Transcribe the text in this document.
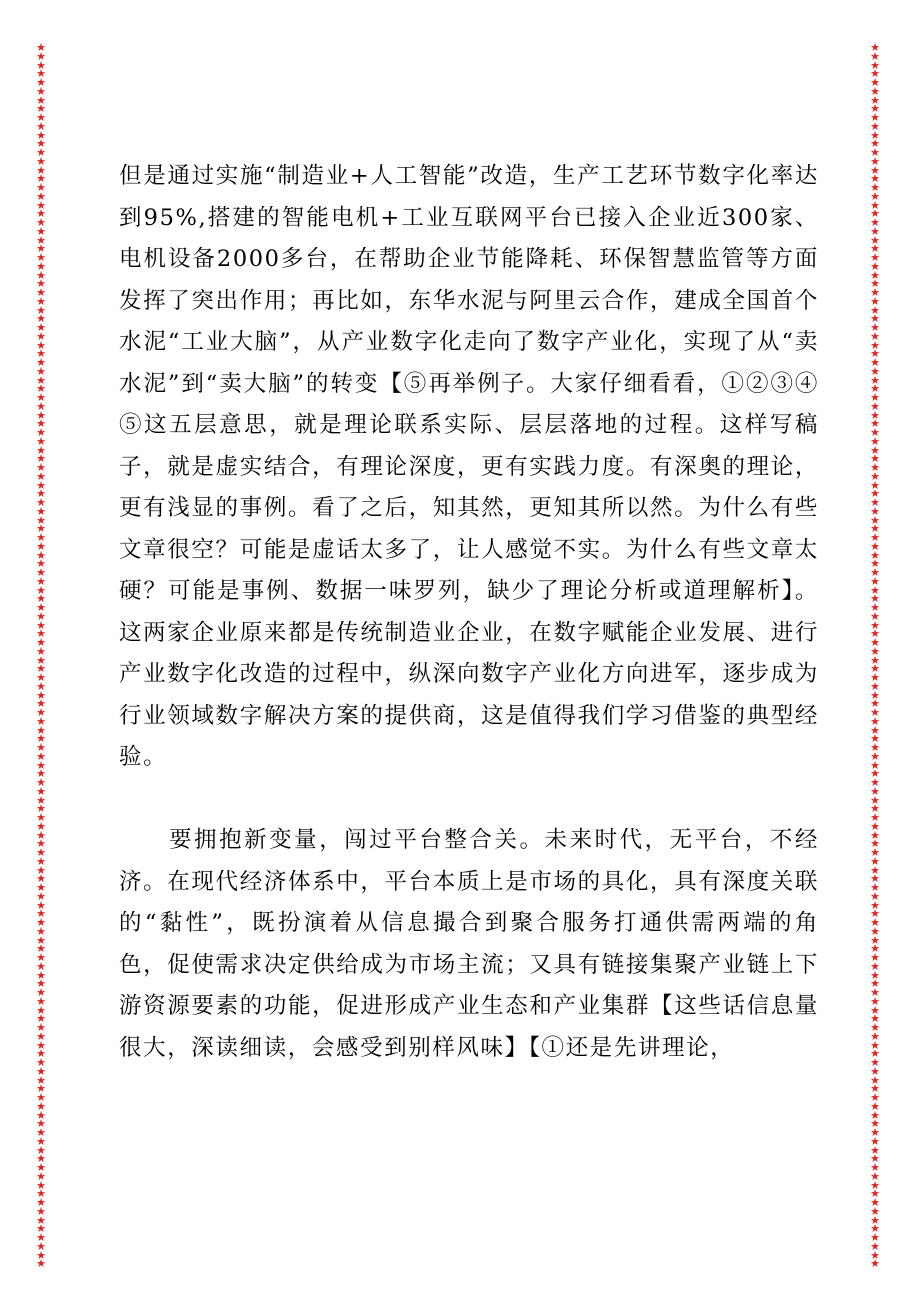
★
★
★
★
★
★
★
★
★
★
★
★
★
★
★
★
★
★
★
★
★
★
★
★
★
★
★
★
★
★
★
★
★
★
★
★
★
★
★
★
★
★
★
★
★
★
★
★
★
★
★
★
★
★
★
★
★
★
★
★
★
★
★
★
★
★
★
★
★
★
★
★
★
★
★
★
★
★
★
★
★
★
★
★
★
★
★
★
★
★
★
★
★
★
★
★
★
★
★
★
★
★
★
★
★
★
★
★
★
★
★
★
★
★
★
★
★
★
★
★
★
★
★
★
★
★
★
★
★
★
★
★
★
★
★
★
★
★
★
★
★
★
★
★
★
★
★
★
★
★
★
★
★
★
★
★
★
★
★
★
★
★
★
★
★
★
★
★
★
★
★
★
★
★
★
★
★
★
★
★
★
★
★
★
★
★
★
★
★
★
★
★
★
★
★
★
★
★
★
★
★
★
★
★
★
★
★
★
★
★
★
★
★
★
★
★
★
★
★
★
★
★
★
★
★
★
★
★
★
★
★
★
★
★
★
★
★
★
★
★
★
★
★
★
★
★
★
★
★
★
★
★
★
★
★
★
★
★
★
★
★
★
★
★
★
★
★
★
★
★
★
★
★
★
★
★
★
★
★
★

但是通过实施“制造业+人工智能”改造，生产工艺环节数字化率达到95%,搭建的智能电机+工业互联网平台已接入企业近300家、电机设备2000多台，在帮助企业节能降耗、环保智慧监管等方面发挥了突出作用；再比如，东华水泥与阿里云合作，建成全国首个水泥“工业大脑”，从产业数字化走向了数字产业化，实现了从“卖水泥”到“卖大脑”的转变【⑤再举例子。大家仔细看看，①②③④⑤这五层意思，就是理论联系实际、层层落地的过程。这样写稿子，就是虚实结合，有理论深度，更有实践力度。有深奥的理论，更有浅显的事例。看了之后，知其然，更知其所以然。为什么有些文章很空？可能是虚话太多了，让人感觉不实。为什么有些文章太硬？可能是事例、数据一味罗列，缺少了理论分析或道理解析】。这两家企业原来都是传统制造业企业，在数字赋能企业发展、进行产业数字化改造的过程中，纵深向数字产业化方向进军，逐步成为行业领域数字解决方案的提供商，这是值得我们学习借鉴的典型经验。

要拥抱新变量，闯过平台整合关。未来时代，无平台，不经济。在现代经济体系中，平台本质上是市场的具化，具有深度关联的“黏性”，既扮演着从信息撮合到聚合服务打通供需两端的角色，促使需求决定供给成为市场主流；又具有链接集聚产业链上下游资源要素的功能，促进形成产业生态和产业集群【这些话信息量很大，深读细读，会感受到别样风味】【①还是先讲理论，
